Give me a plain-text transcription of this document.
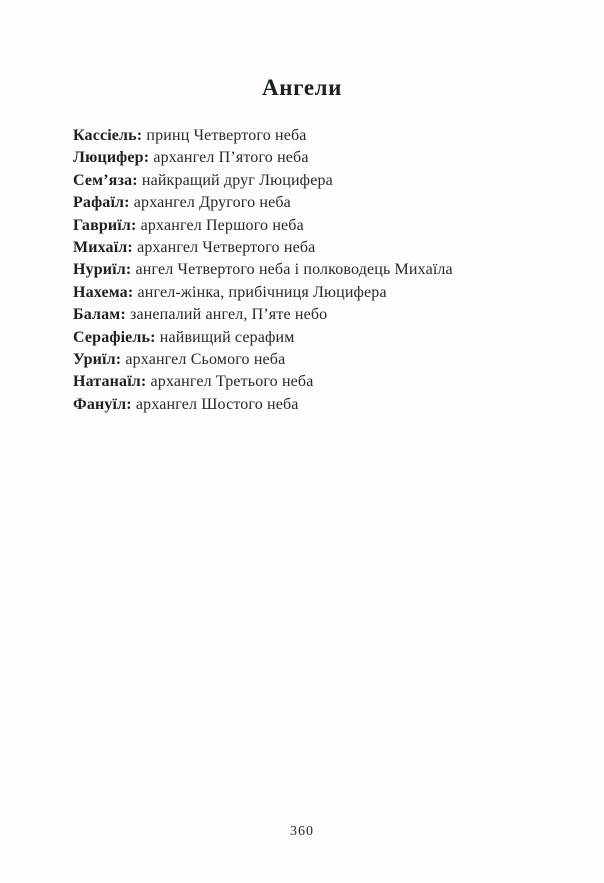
Ангели
Кассіель: принц Четвертого неба
Люцифер: архангел П’ятого неба
Сем’яза: найкращий друг Люцифера
Рафаїл: архангел Другого неба
Гавриїл: архангел Першого неба
Михаїл: архангел Четвертого неба
Нуриїл: ангел Четвертого неба і полководець Михаїла
Нахема: ангел-жінка, прибічниця Люцифера
Балам: занепалий ангел, П’яте небо
Серафіель: найвищий серафим
Уриїл: архангел Сьомого неба
Натанаїл: архангел Третього неба
Фануїл: архангел Шостого неба
360
